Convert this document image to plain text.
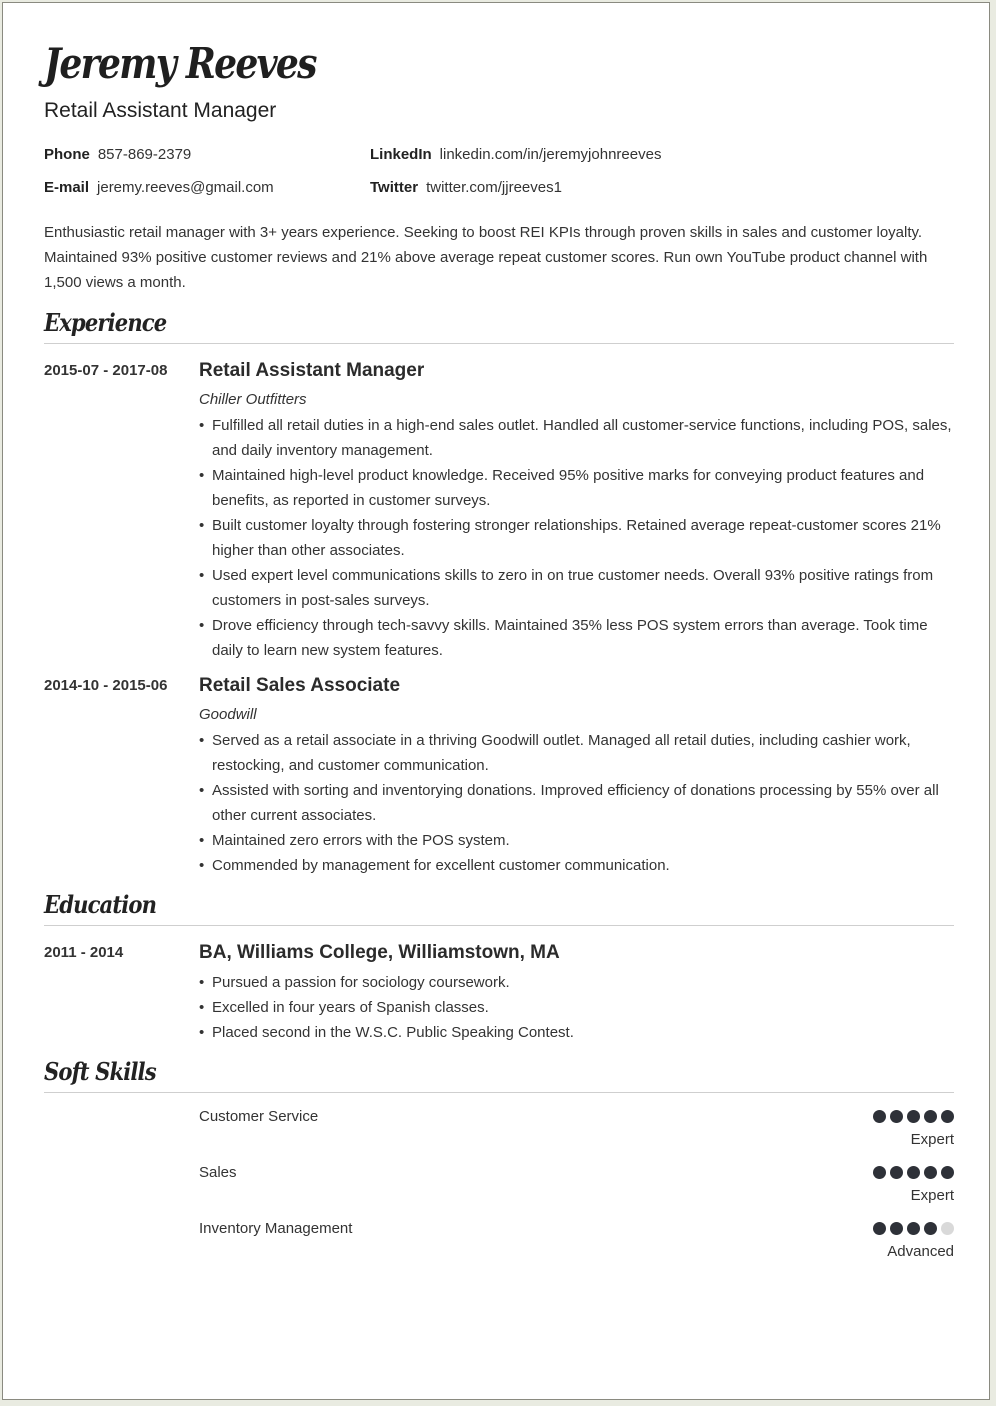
Jeremy Reeves
Retail Assistant Manager
Phone 857-869-2379	LinkedIn linkedin.com/in/jeremyjohnreeves
E-mail jeremy.reeves@gmail.com	Twitter twitter.com/jjreeves1
Enthusiastic retail manager with 3+ years experience. Seeking to boost REI KPIs through proven skills in sales and customer loyalty. Maintained 93% positive customer reviews and 21% above average repeat customer scores. Run own YouTube product channel with 1,500 views a month.
Experience
2015-07 - 2017-08 Retail Assistant Manager
Chiller Outfitters
• Fulfilled all retail duties in a high-end sales outlet. Handled all customer-service functions, including POS, sales, and daily inventory management.
• Maintained high-level product knowledge. Received 95% positive marks for conveying product features and benefits, as reported in customer surveys.
• Built customer loyalty through fostering stronger relationships. Retained average repeat-customer scores 21% higher than other associates.
• Used expert level communications skills to zero in on true customer needs. Overall 93% positive ratings from customers in post-sales surveys.
• Drove efficiency through tech-savvy skills. Maintained 35% less POS system errors than average. Took time daily to learn new system features.
2014-10 - 2015-06 Retail Sales Associate
Goodwill
• Served as a retail associate in a thriving Goodwill outlet. Managed all retail duties, including cashier work, restocking, and customer communication.
• Assisted with sorting and inventorying donations. Improved efficiency of donations processing by 55% over all other current associates.
• Maintained zero errors with the POS system.
• Commended by management for excellent customer communication.
Education
2011 - 2014	BA, Williams College, Williamstown, MA
• Pursued a passion for sociology coursework.
• Excelled in four years of Spanish classes.
• Placed second in the W.S.C. Public Speaking Contest.
Soft Skills
Customer Service
Expert
Sales
Expert
Inventory Management
Advanced
